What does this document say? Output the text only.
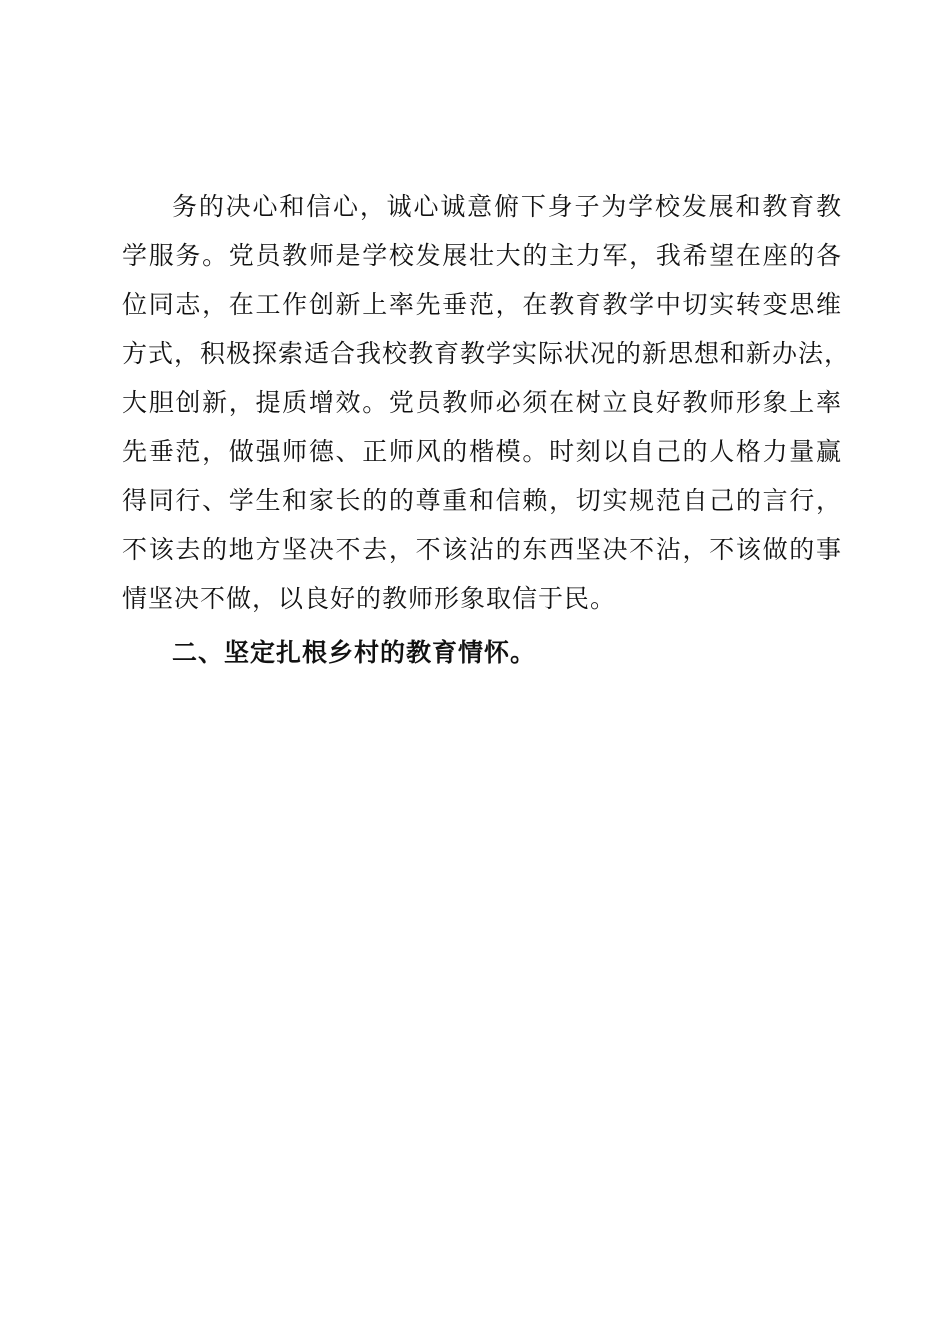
务的决心和信心，诚心诚意俯下身子为学校发展和教育教
学服务。党员教师是学校发展壮大的主力军，我希望在座的各
位同志，在工作创新上率先垂范，在教育教学中切实转变思维
方式，积极探索适合我校教育教学实际状况的新思想和新办法，
大胆创新，提质增效。党员教师必须在树立良好教师形象上率
先垂范，做强师德、正师风的楷模。时刻以自己的人格力量赢
得同行、学生和家长的的尊重和信赖，切实规范自己的言行，
不该去的地方坚决不去，不该沾的东西坚决不沾，不该做的事
情坚决不做，以良好的教师形象取信于民。
二、坚定扎根乡村的教育情怀。
